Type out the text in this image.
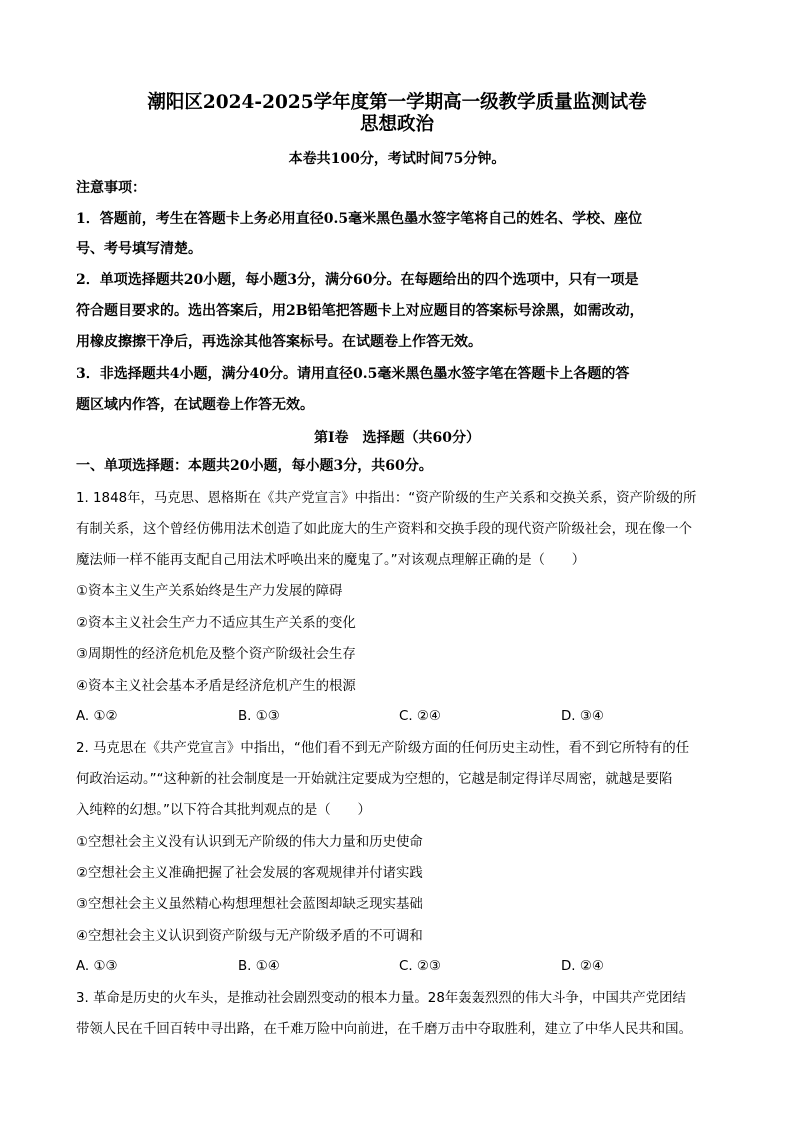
潮阳区2024-2025学年度第一学期高一级教学质量监测试卷
思想政治
本卷共100分，考试时间75分钟。
注意事项：
1．答题前，考生在答题卡上务必用直径0.5毫米黑色墨水签字笔将自己的姓名、学校、座位
号、考号填写清楚。
2．单项选择题共20小题，每小题3分，满分60分。在每题给出的四个选项中，只有一项是
符合题目要求的。选出答案后，用2B铅笔把答题卡上对应题目的答案标号涂黑，如需改动，
用橡皮擦擦干净后，再选涂其他答案标号。在试题卷上作答无效。
3．非选择题共4小题，满分40分。请用直径0.5毫米黑色墨水签字笔在答题卡上各题的答
题区域内作答，在试题卷上作答无效。
第Ⅰ卷　选择题（共60分）
一、单项选择题：本题共20小题，每小题3分，共60分。
1. 1848年，马克思、恩格斯在《共产党宣言》中指出：“资产阶级的生产关系和交换关系，资产阶级的所
有制关系，这个曾经仿佛用法术创造了如此庞大的生产资料和交换手段的现代资产阶级社会，现在像一个
魔法师一样不能再支配自己用法术呼唤出来的魔鬼了。”对该观点理解正确的是（　　）
①资本主义生产关系始终是生产力发展的障碍
②资本主义社会生产力不适应其生产关系的变化
③周期性的经济危机危及整个资产阶级社会生存
④资本主义社会基本矛盾是经济危机产生的根源
A. ①②	B. ①③	C. ②④	D. ③④
2. 马克思在《共产党宣言》中指出，“他们看不到无产阶级方面的任何历史主动性，看不到它所特有的任
何政治运动。”“这种新的社会制度是一开始就注定要成为空想的，它越是制定得详尽周密，就越是要陷
入纯粹的幻想。”以下符合其批判观点的是（　　）
①空想社会主义没有认识到无产阶级的伟大力量和历史使命
②空想社会主义准确把握了社会发展的客观规律并付诸实践
③空想社会主义虽然精心构想理想社会蓝图却缺乏现实基础
④空想社会主义认识到资产阶级与无产阶级矛盾的不可调和
A. ①③	B. ①④	C. ②③	D. ②④
3. 革命是历史的火车头，是推动社会剧烈变动的根本力量。28年轰轰烈烈的伟大斗争，中国共产党团结
带领人民在千回百转中寻出路，在千难万险中向前进，在千磨万击中夺取胜利，建立了中华人民共和国。
